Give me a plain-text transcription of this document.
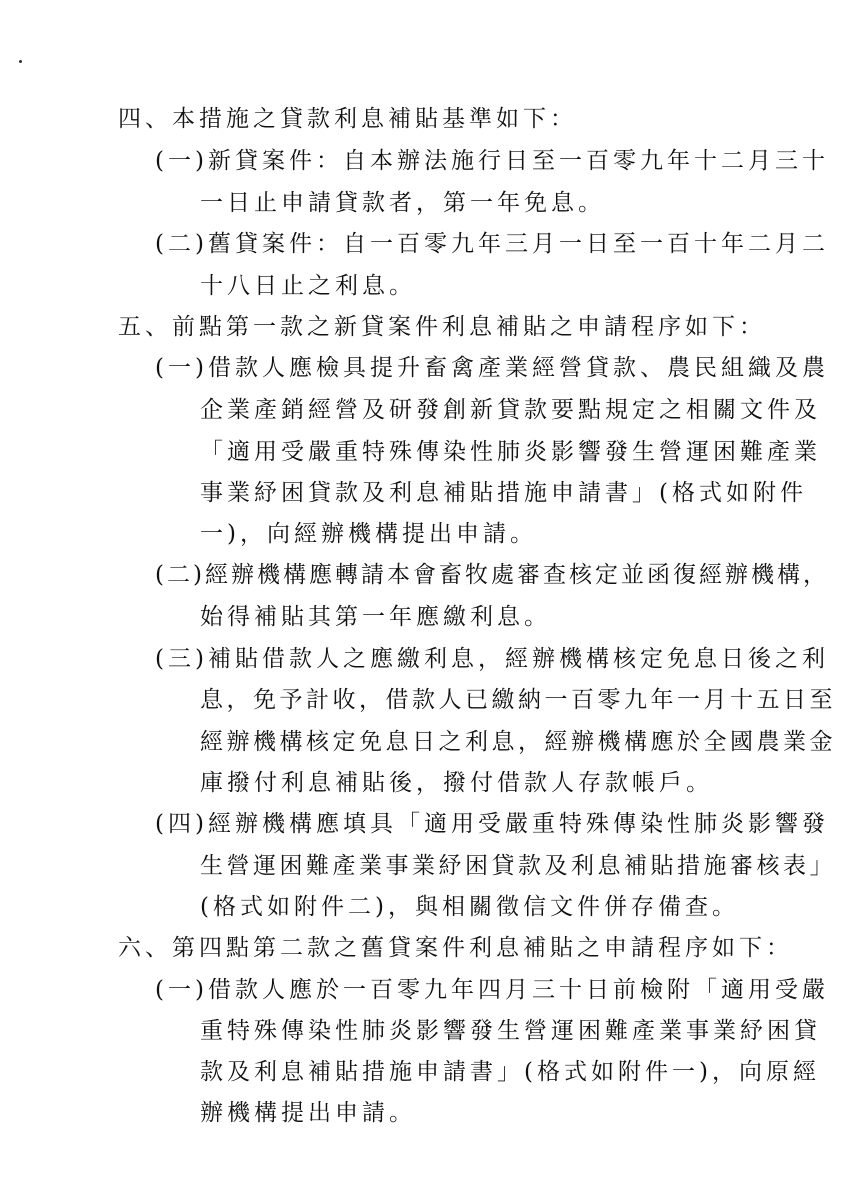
四、本措施之貸款利息補貼基準如下：
(一)新貸案件：自本辦法施行日至一百零九年十二月三十
一日止申請貸款者，第一年免息。
(二)舊貸案件：自一百零九年三月一日至一百十年二月二
十八日止之利息。
五、前點第一款之新貸案件利息補貼之申請程序如下：
(一)借款人應檢具提升畜禽產業經營貸款、農民組織及農
企業產銷經營及研發創新貸款要點規定之相關文件及
「適用受嚴重特殊傳染性肺炎影響發生營運困難產業
事業紓困貸款及利息補貼措施申請書」(格式如附件
一)，向經辦機構提出申請。
(二)經辦機構應轉請本會畜牧處審查核定並函復經辦機構，
始得補貼其第一年應繳利息。
(三)補貼借款人之應繳利息，經辦機構核定免息日後之利
息，免予計收，借款人已繳納一百零九年一月十五日至
經辦機構核定免息日之利息，經辦機構應於全國農業金
庫撥付利息補貼後，撥付借款人存款帳戶。
(四)經辦機構應填具「適用受嚴重特殊傳染性肺炎影響發
生營運困難產業事業紓困貸款及利息補貼措施審核表」
(格式如附件二)，與相關徵信文件併存備查。
六、第四點第二款之舊貸案件利息補貼之申請程序如下：
(一)借款人應於一百零九年四月三十日前檢附「適用受嚴
重特殊傳染性肺炎影響發生營運困難產業事業紓困貸
款及利息補貼措施申請書」(格式如附件一)，向原經
辦機構提出申請。
